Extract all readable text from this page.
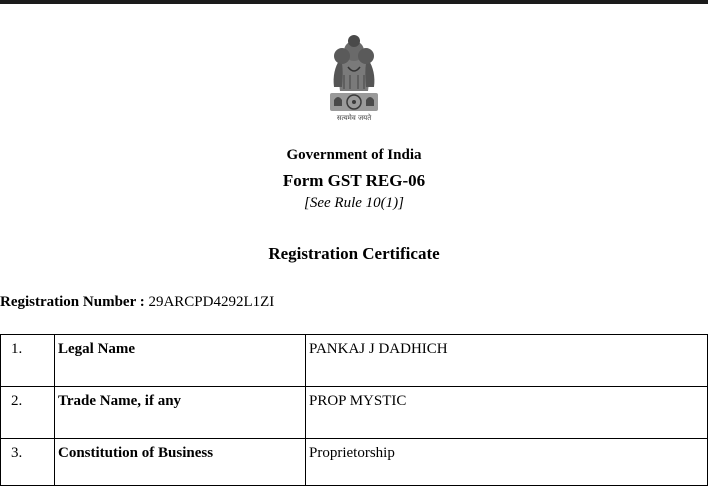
सत्यमेव जयते
Government of India
Form GST REG-06
[See Rule 10(1)]
Registration Certificate
Registration Number : 29ARCPD4292L1ZI
1.	Legal Name	PANKAJ J DADHICH
2.	Trade Name, if any	PROP MYSTIC
3.	Constitution of Business	Proprietorship
